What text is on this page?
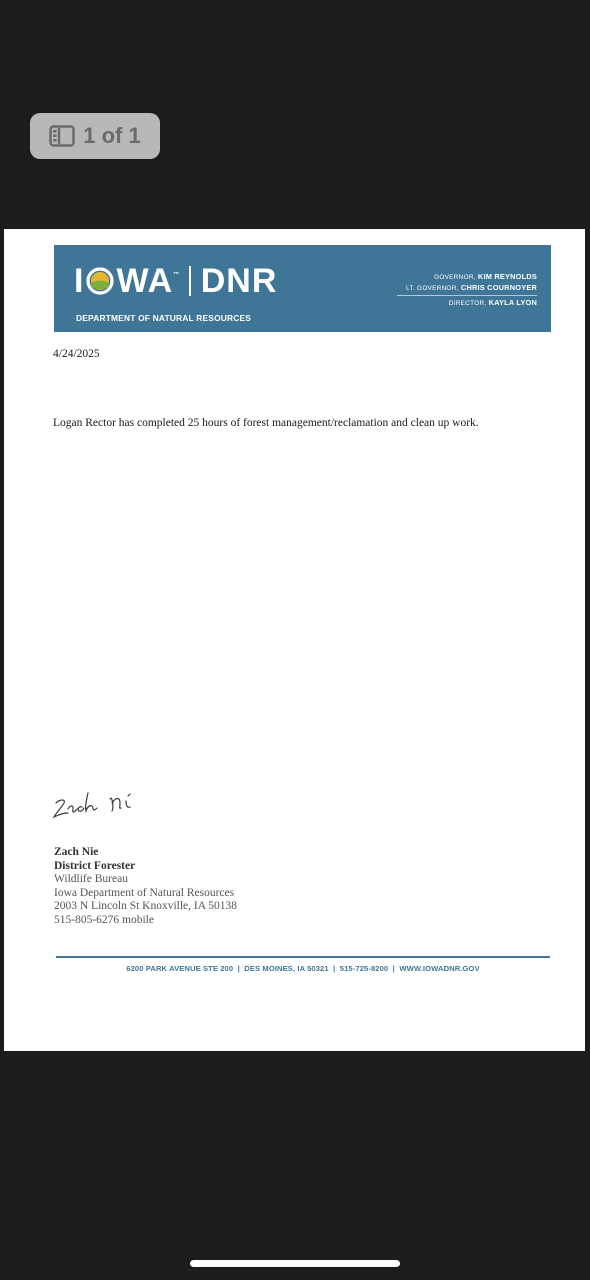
1 of 1
I WA ™ DNR
DEPARTMENT OF NATURAL RESOURCES
GOVERNOR, KIM REYNOLDS
LT. GOVERNOR, CHRIS COURNOYER
DIRECTOR, KAYLA LYON
4/24/2025
Logan Rector has completed 25 hours of forest management/reclamation and clean up work.
Zach Nie
District Forester
Wildlife Bureau
Iowa Department of Natural Resources
2003 N Lincoln St Knoxville, IA 50138
515-805-6276 mobile
6200 PARK AVENUE STE 200  |  DES MOINES, IA 50321  |  515-725-8200  |  WWW.IOWADNR.GOV
